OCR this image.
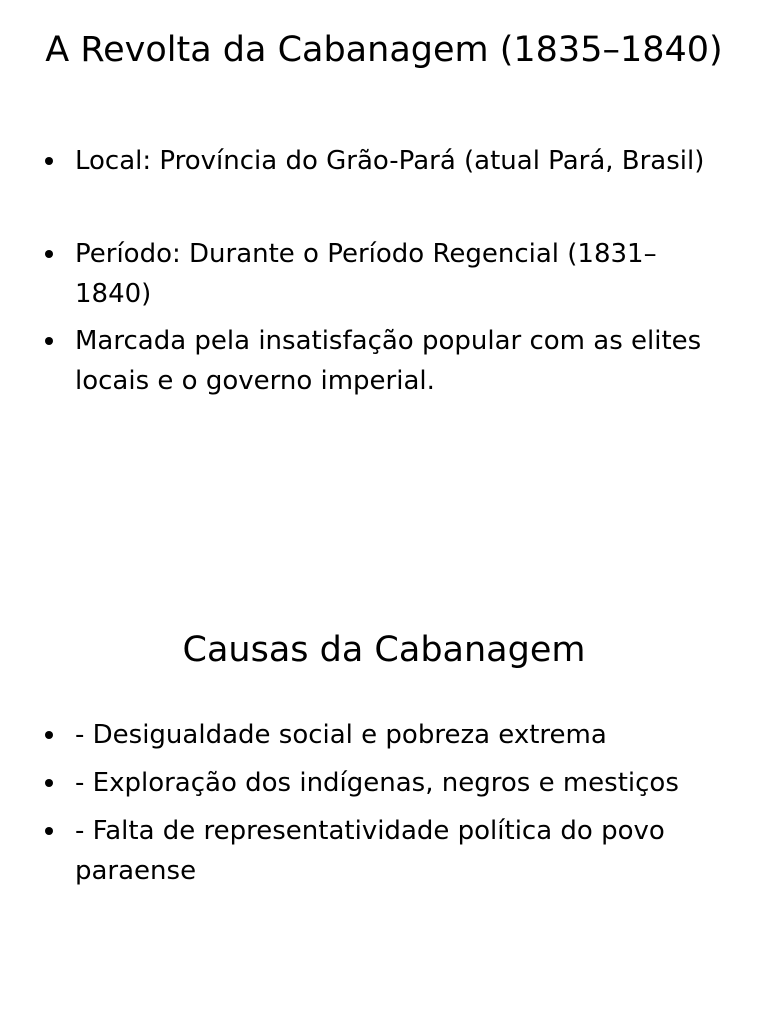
A Revolta da Cabanagem (1835–1840)
Local: Província do Grão-Pará (atual Pará, Brasil)
Período: Durante o Período Regencial (1831–1840)
Marcada pela insatisfação popular com as elites locais e o governo imperial.
Causas da Cabanagem
- Desigualdade social e pobreza extrema
- Exploração dos indígenas, negros e mestiços
- Falta de representatividade política do povo paraense
